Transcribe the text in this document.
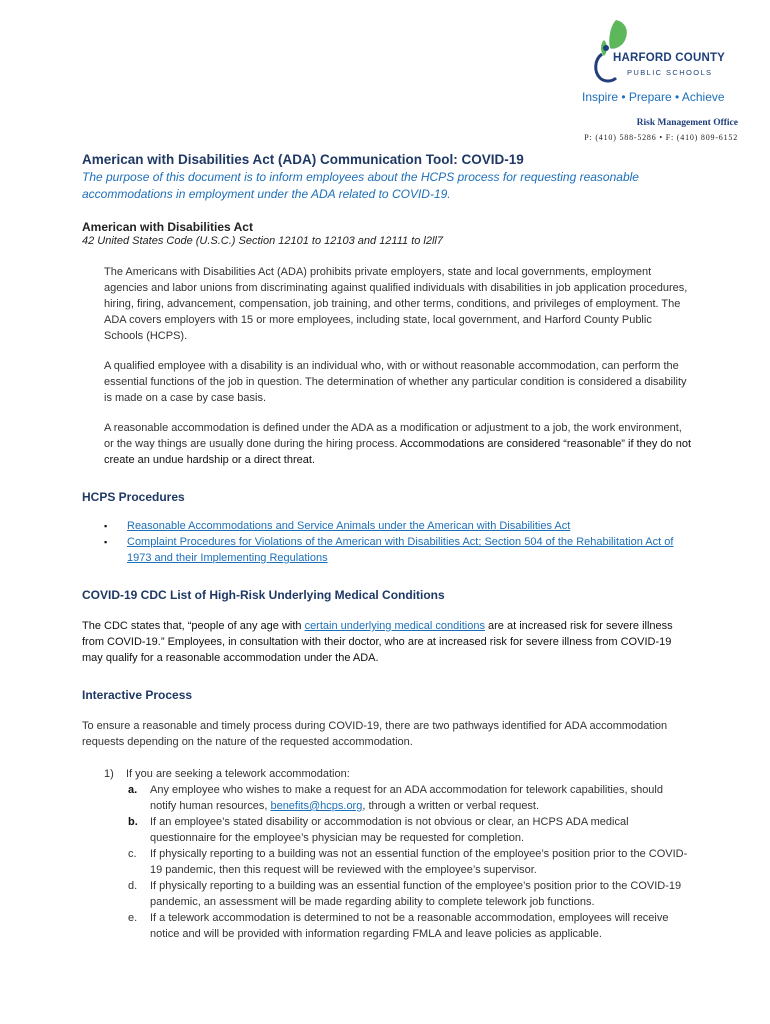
HARFORD COUNTY
PUBLIC SCHOOLS
Inspire • Prepare • Achieve
Risk Management Office
P: (410) 588-5286 • F: (410) 809-6152
American with Disabilities Act (ADA) Communication Tool: COVID-19
The purpose of this document is to inform employees about the HCPS process for requesting reasonable accommodations in employment under the ADA related to COVID-19.
American with Disabilities Act
42 United States Code (U.S.C.) Section 12101 to 12103 and 12111 to l2ll7

The Americans with Disabilities Act (ADA) prohibits private employers, state and local governments, employment agencies and labor unions from discriminating against qualified individuals with disabilities in job application procedures, hiring, firing, advancement, compensation, job training, and other terms, conditions, and privileges of employment. The ADA covers employers with 15 or more employees, including state, local government, and Harford County Public Schools (HCPS).

A qualified employee with a disability is an individual who, with or without reasonable accommodation, can perform the essential functions of the job in question. The determination of whether any particular condition is considered a disability is made on a case by case basis.

A reasonable accommodation is defined under the ADA as a modification or adjustment to a job, the work environment, or the way things are usually done during the hiring process. Accommodations are considered “reasonable” if they do not create an undue hardship or a direct threat.

HCPS Procedures
▪ Reasonable Accommodations and Service Animals under the American with Disabilities Act
▪ Complaint Procedures for Violations of the American with Disabilities Act; Section 504 of the Rehabilitation Act of 1973 and their Implementing Regulations
COVID-19 CDC List of High-Risk Underlying Medical Conditions

The CDC states that, “people of any age with certain underlying medical conditions are at increased risk for severe illness from COVID-19.” Employees, in consultation with their doctor, who are at increased risk for severe illness from COVID-19 may qualify for a reasonable accommodation under the ADA.

Interactive Process

To ensure a reasonable and timely process during COVID-19, there are two pathways identified for ADA accommodation requests depending on the nature of the requested accommodation.

1) If you are seeking a telework accommodation:
a. Any employee who wishes to make a request for an ADA accommodation for telework capabilities, should notify human resources, benefits@hcps.org, through a written or verbal request.
b. If an employee’s stated disability or accommodation is not obvious or clear, an HCPS ADA medical questionnaire for the employee’s physician may be requested for completion.
c. If physically reporting to a building was not an essential function of the employee’s position prior to the COVID-19 pandemic, then this request will be reviewed with the employee’s supervisor.
d. If physically reporting to a building was an essential function of the employee’s position prior to the COVID-19 pandemic, an assessment will be made regarding ability to complete telework job functions.
e. If a telework accommodation is determined to not be a reasonable accommodation, employees will receive notice and will be provided with information regarding FMLA and leave policies as applicable.
